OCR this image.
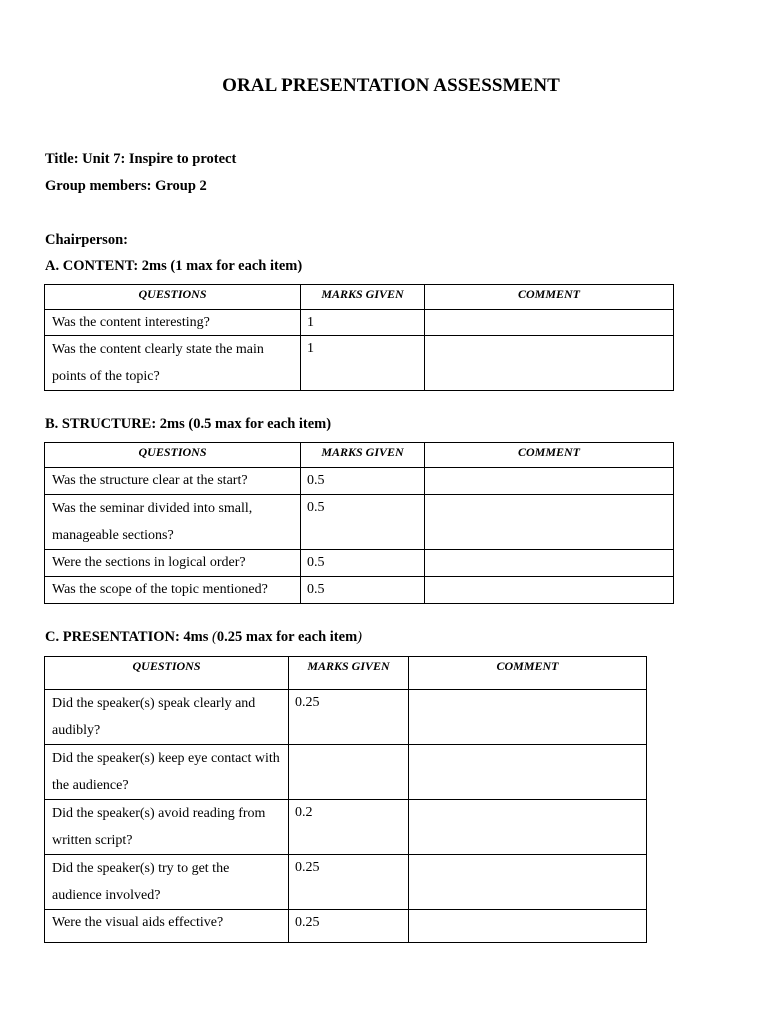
ORAL PRESENTATION ASSESSMENT
Title: Unit 7: Inspire to protect
Group members: Group 2
Chairperson:
A. CONTENT: 2ms (1 max for each item)
QUESTIONS	MARKS GIVEN	COMMENT

Was the content interesting?	1	

Was the content clearly state the main points of the topic?	1	

B. STRUCTURE: 2ms (0.5 max for each item)
QUESTIONS	MARKS GIVEN	COMMENT

Was the structure clear at the start?	0.5	

Was the seminar divided into small, manageable sections?	0.5	

Were the sections in logical order?	0.5	

Was the scope of the topic mentioned?	0.5	

C. PRESENTATION: 4ms (0.25 max for each item)
QUESTIONS	MARKS GIVEN	COMMENT

Did the speaker(s) speak clearly and audibly?	0.25	

Did the speaker(s) keep eye contact with the audience?		

Did the speaker(s) avoid reading from written script?	0.2	

Did the speaker(s) try to get the audience involved?	0.25	

Were the visual aids effective?	0.25	
